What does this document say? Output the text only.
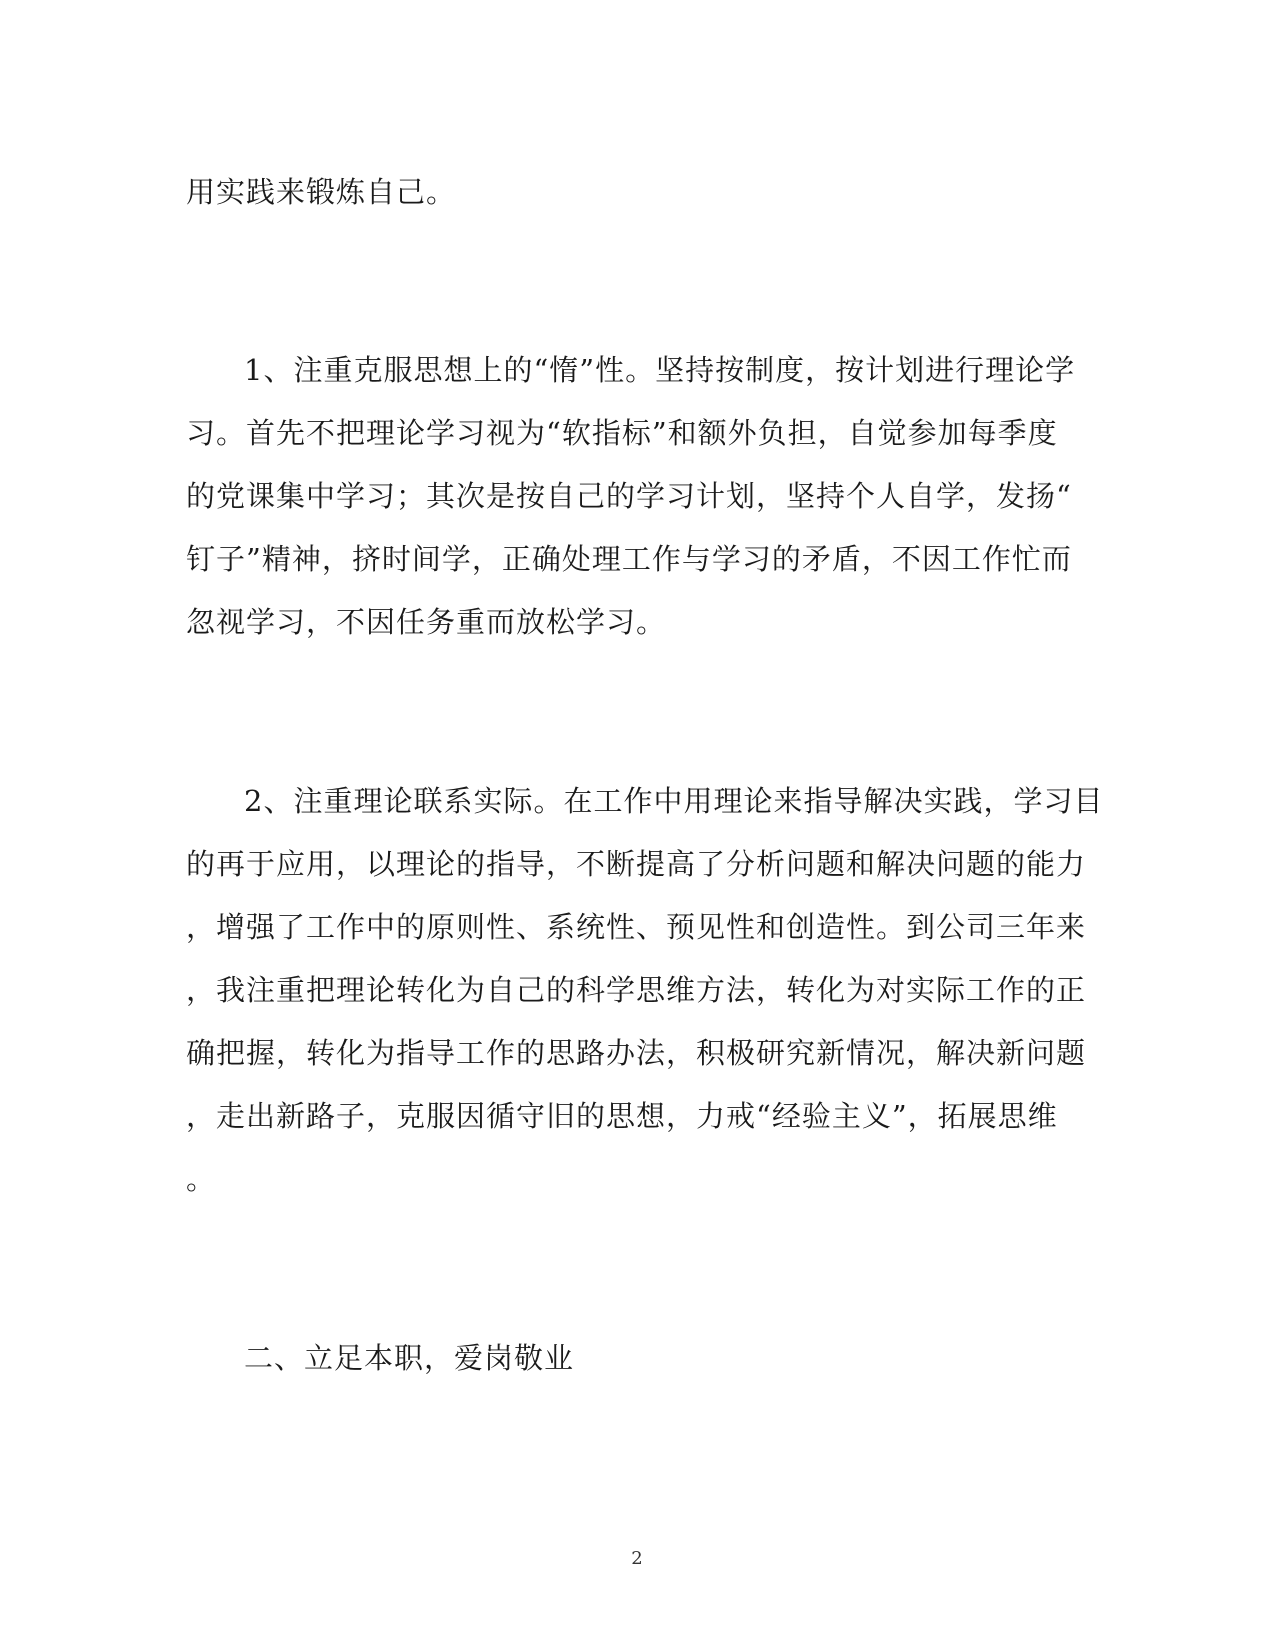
用实践来锻炼自己。
1、注重克服思想上的“惰”性。坚持按制度，按计划进行理论学
习。首先不把理论学习视为“软指标”和额外负担，自觉参加每季度
的党课集中学习；其次是按自己的学习计划，坚持个人自学，发扬“
钉子”精神，挤时间学，正确处理工作与学习的矛盾，不因工作忙而
忽视学习，不因任务重而放松学习。
2、注重理论联系实际。在工作中用理论来指导解决实践，学习目
的再于应用，以理论的指导，不断提高了分析问题和解决问题的能力
，增强了工作中的原则性、系统性、预见性和创造性。到公司三年来
，我注重把理论转化为自己的科学思维方法，转化为对实际工作的正
确把握，转化为指导工作的思路办法，积极研究新情况，解决新问题
，走出新路子，克服因循守旧的思想，力戒“经验主义”，拓展思维
。
二、立足本职，爱岗敬业
2
